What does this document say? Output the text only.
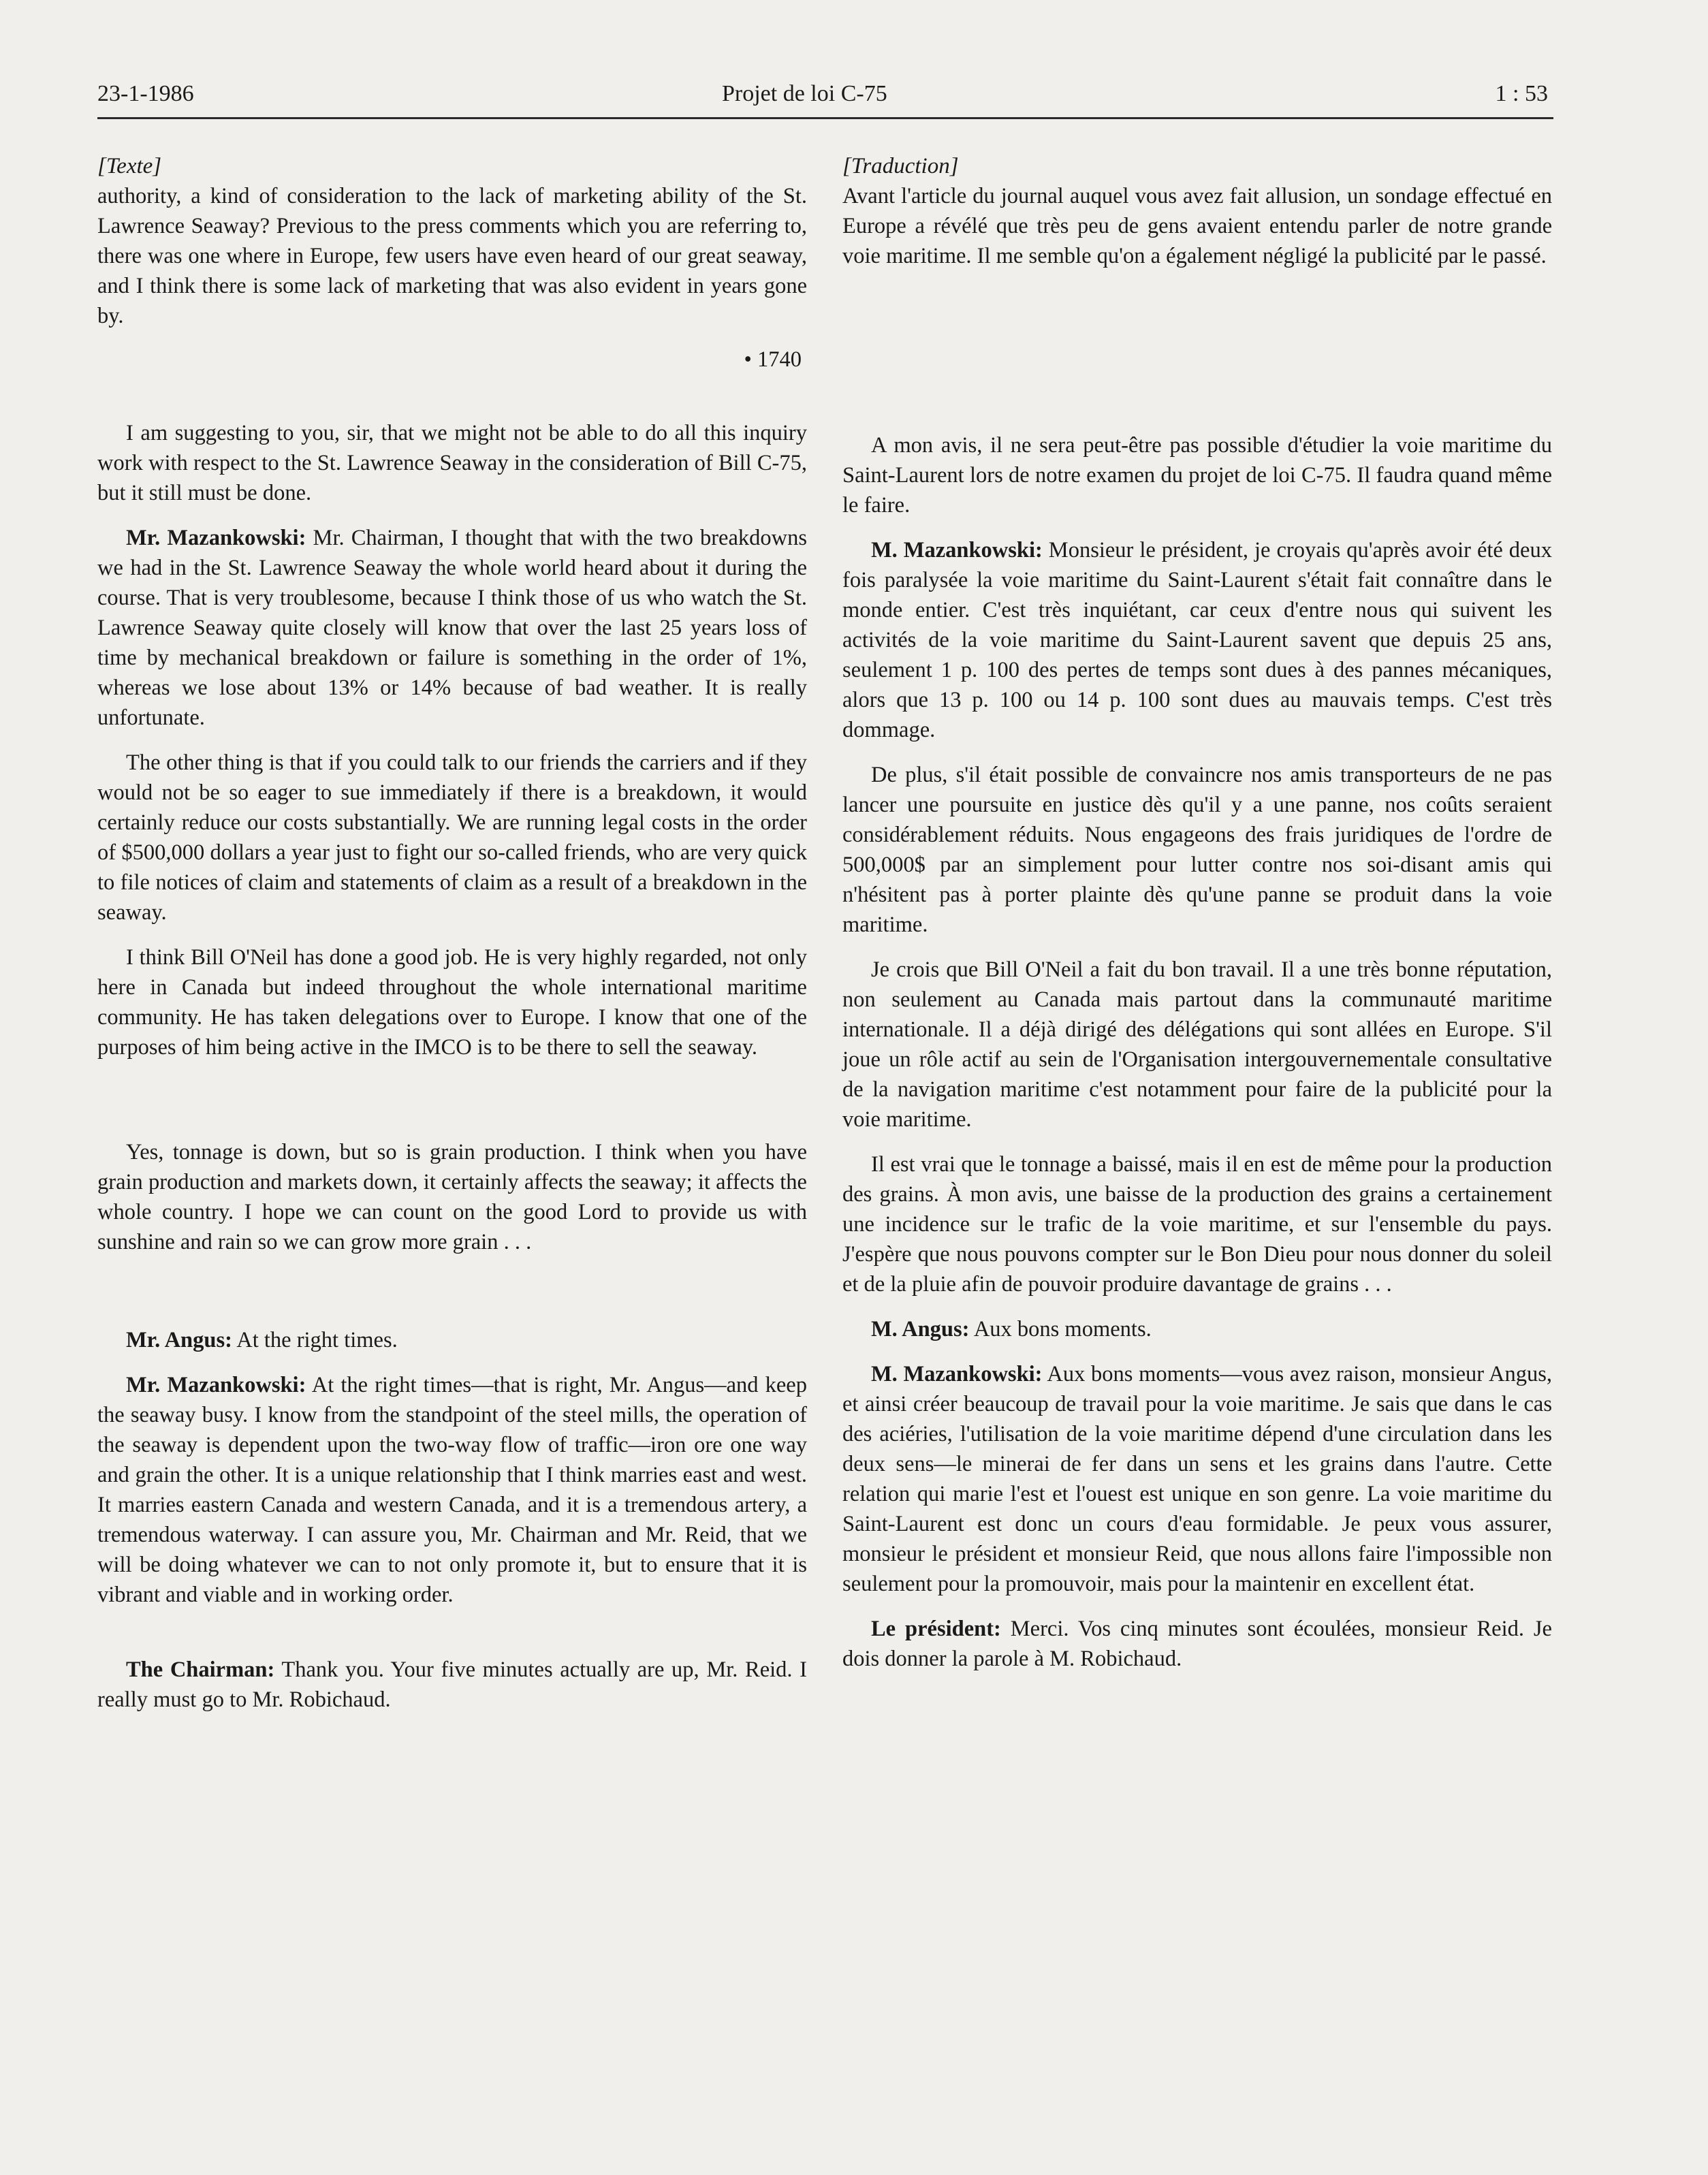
23-1-1986	Projet de loi C-75	1 : 53

[Texte]

authority, a kind of consideration to the lack of marketing ability of the St. Lawrence Seaway? Previous to the press comments which you are referring to, there was one where in Europe, few users have even heard of our great seaway, and I think there is some lack of marketing that was also evident in years gone by.

• 1740

I am suggesting to you, sir, that we might not be able to do all this inquiry work with respect to the St. Lawrence Seaway in the consideration of Bill C-75, but it still must be done.

Mr. Mazankowski: Mr. Chairman, I thought that with the two breakdowns we had in the St. Lawrence Seaway the whole world heard about it during the course. That is very troublesome, because I think those of us who watch the St. Lawrence Seaway quite closely will know that over the last 25 years loss of time by mechanical breakdown or failure is something in the order of 1%, whereas we lose about 13% or 14% because of bad weather. It is really unfortunate.

The other thing is that if you could talk to our friends the carriers and if they would not be so eager to sue immediately if there is a breakdown, it would certainly reduce our costs substantially. We are running legal costs in the order of $500,000 dollars a year just to fight our so-called friends, who are very quick to file notices of claim and statements of claim as a result of a breakdown in the seaway.

I think Bill O'Neil has done a good job. He is very highly regarded, not only here in Canada but indeed throughout the whole international maritime community. He has taken delegations over to Europe. I know that one of the purposes of him being active in the IMCO is to be there to sell the seaway.

Yes, tonnage is down, but so is grain production. I think when you have grain production and markets down, it certainly affects the seaway; it affects the whole country. I hope we can count on the good Lord to provide us with sunshine and rain so we can grow more grain . . .

Mr. Angus: At the right times.

Mr. Mazankowski: At the right times—that is right, Mr. Angus—and keep the seaway busy. I know from the standpoint of the steel mills, the operation of the seaway is dependent upon the two-way flow of traffic—iron ore one way and grain the other. It is a unique relationship that I think marries east and west. It marries eastern Canada and western Canada, and it is a tremendous artery, a tremendous waterway. I can assure you, Mr. Chairman and Mr. Reid, that we will be doing whatever we can to not only promote it, but to ensure that it is vibrant and viable and in working order.

The Chairman: Thank you. Your five minutes actually are up, Mr. Reid. I really must go to Mr. Robichaud.

[Traduction]

Avant l'article du journal auquel vous avez fait allusion, un sondage effectué en Europe a révélé que très peu de gens avaient entendu parler de notre grande voie maritime. Il me semble qu'on a également négligé la publicité par le passé.

A mon avis, il ne sera peut-être pas possible d'étudier la voie maritime du Saint-Laurent lors de notre examen du projet de loi C-75. Il faudra quand même le faire.

M. Mazankowski: Monsieur le président, je croyais qu'après avoir été deux fois paralysée la voie maritime du Saint-Laurent s'était fait connaître dans le monde entier. C'est très inquiétant, car ceux d'entre nous qui suivent les activités de la voie maritime du Saint-Laurent savent que depuis 25 ans, seulement 1 p. 100 des pertes de temps sont dues à des pannes mécaniques, alors que 13 p. 100 ou 14 p. 100 sont dues au mauvais temps. C'est très dommage.

De plus, s'il était possible de convaincre nos amis transporteurs de ne pas lancer une poursuite en justice dès qu'il y a une panne, nos coûts seraient considérablement réduits. Nous engageons des frais juridiques de l'ordre de 500,000$ par an simplement pour lutter contre nos soi-disant amis qui n'hésitent pas à porter plainte dès qu'une panne se produit dans la voie maritime.

Je crois que Bill O'Neil a fait du bon travail. Il a une très bonne réputation, non seulement au Canada mais partout dans la communauté maritime internationale. Il a déjà dirigé des délégations qui sont allées en Europe. S'il joue un rôle actif au sein de l'Organisation intergouvernementale consultative de la navigation maritime c'est notamment pour faire de la publicité pour la voie maritime.

Il est vrai que le tonnage a baissé, mais il en est de même pour la production des grains. À mon avis, une baisse de la production des grains a certainement une incidence sur le trafic de la voie maritime, et sur l'ensemble du pays. J'espère que nous pouvons compter sur le Bon Dieu pour nous donner du soleil et de la pluie afin de pouvoir produire davantage de grains . . .

M. Angus: Aux bons moments.

M. Mazankowski: Aux bons moments—vous avez raison, monsieur Angus, et ainsi créer beaucoup de travail pour la voie maritime. Je sais que dans le cas des aciéries, l'utilisation de la voie maritime dépend d'une circulation dans les deux sens—le minerai de fer dans un sens et les grains dans l'autre. Cette relation qui marie l'est et l'ouest est unique en son genre. La voie maritime du Saint-Laurent est donc un cours d'eau formidable. Je peux vous assurer, monsieur le président et monsieur Reid, que nous allons faire l'impossible non seulement pour la promouvoir, mais pour la maintenir en excellent état.

Le président: Merci. Vos cinq minutes sont écoulées, monsieur Reid. Je dois donner la parole à M. Robichaud.
